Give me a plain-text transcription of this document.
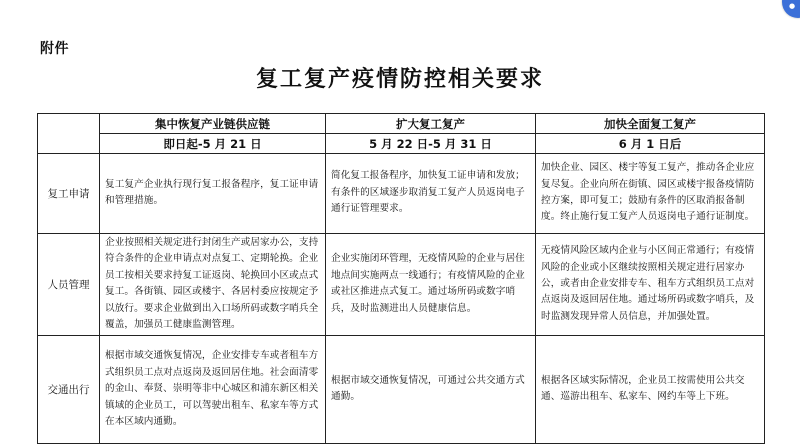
●
附件
复工复产疫情防控相关要求
	集中恢复产业链供应链	扩大复工复产	加快全面复工复产
	即日起-5 月 21 日	5 月 22 日-5 月 31 日	6 月 1 日后
复工申请	复工复产企业执行现行复工报备程序，复工证申请和管理措施。	简化复工报备程序，加快复工证申请和发放；有条件的区域逐步取消复工复产人员返岗电子通行证管理要求。	加快企业、园区、楼宇等复工复产，推动各企业应复尽复。企业向所在街镇、园区或楼宇报备疫情防控方案，即可复工；鼓励有条件的区取消报备制度。终止施行复工复产人员返岗电子通行证制度。
人员管理	企业按照相关规定进行封闭生产或居家办公，支持符合条件的企业申请点对点复工、定期轮换。企业员工按相关要求持复工证返岗、轮换回小区或点式复工。各街镇、园区或楼宇、各居村委应按规定予以放行。要求企业做到出入口场所码或数字哨兵全覆盖，加强员工健康监测管理。	企业实施闭环管理，无疫情风险的企业与居住地点间实施两点一线通行；有疫情风险的企业或社区推进点式复工。通过场所码或数字哨兵，及时监测进出人员健康信息。	无疫情风险区域内企业与小区间正常通行；有疫情风险的企业或小区继续按照相关规定进行居家办公，或者由企业安排专车、租车方式组织员工点对点返岗及返回居住地。通过场所码或数字哨兵，及时监测发现异常人员信息，并加强处置。
交通出行	根据市域交通恢复情况，企业安排专车或者租车方式组织员工点对点返岗及返回居住地。社会面清零的金山、奉贤、崇明等非中心城区和浦东新区相关镇域的企业员工，可以驾驶出租车、私家车等方式在本区域内通勤。	根据市域交通恢复情况，可通过公共交通方式通勤。	根据各区域实际情况，企业员工按需使用公共交通、巡游出租车、私家车、网约车等上下班。
